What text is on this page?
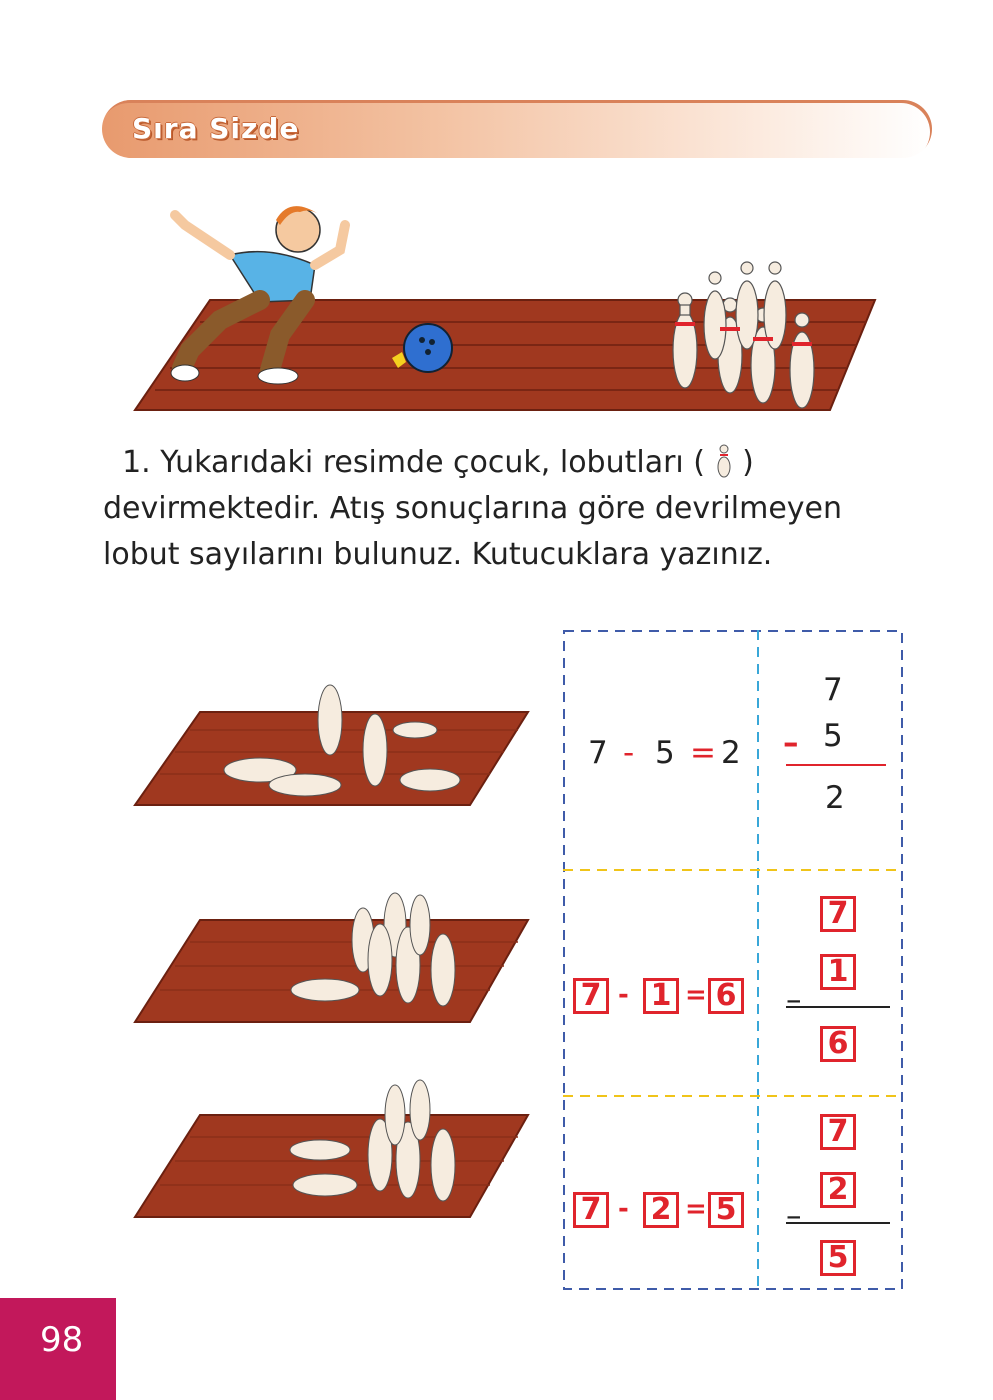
Sıra Sizde

1. Yukarıdaki resimde çocuk, lobutları ( )

devirmektedir. Atış sonuçlarına göre devrilmeyen

lobut sayılarını bulunuz. Kutucuklara yazınız.

7 - 5 = 2
7
– 5
2
7 - 1 = 6
7
–
1
6
7 - 2 = 5
7
–
2
5
98
